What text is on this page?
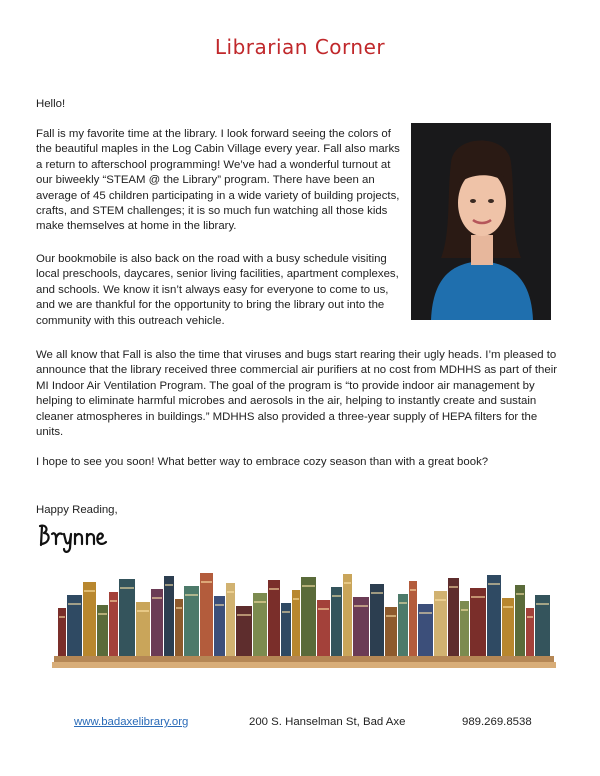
Librarian Corner

Hello!

Fall is my favorite time at the library. I look forward seeing the colors of the beautiful maples in the Log Cabin Village every year. Fall also marks a return to afterschool programming! We’ve had a wonderful turnout at our biweekly “STEAM @ the Library” program. There have been an average of 45 children participating in a wide variety of building projects, crafts, and STEM challenges; it is so much fun watching all those kids make themselves at home in the library.

Our bookmobile is also back on the road with a busy schedule visiting local preschools, daycares, senior living facilities, apartment complexes, and schools. We know it isn’t always easy for everyone to come to us, and we are thankful for the opportunity to bring the library out into the community with this outreach vehicle.

We all know that Fall is also the time that viruses and bugs start rearing their ugly heads. I’m pleased to announce that the library received three commercial air purifiers at no cost from MDHHS as part of their MI Indoor Air Ventilation Program. The goal of the program is “to provide indoor air management by helping to eliminate harmful microbes and aerosols in the air, helping to instantly create and sustain cleaner atmospheres in buildings.” MDHHS also provided a three-year supply of HEPA filters for the units.

I hope to see you soon! What better way to embrace cozy season than with a great book?

Happy Reading,

www.badaxelibrary.org	200 S. Hanselman St, Bad Axe	989.269.8538
